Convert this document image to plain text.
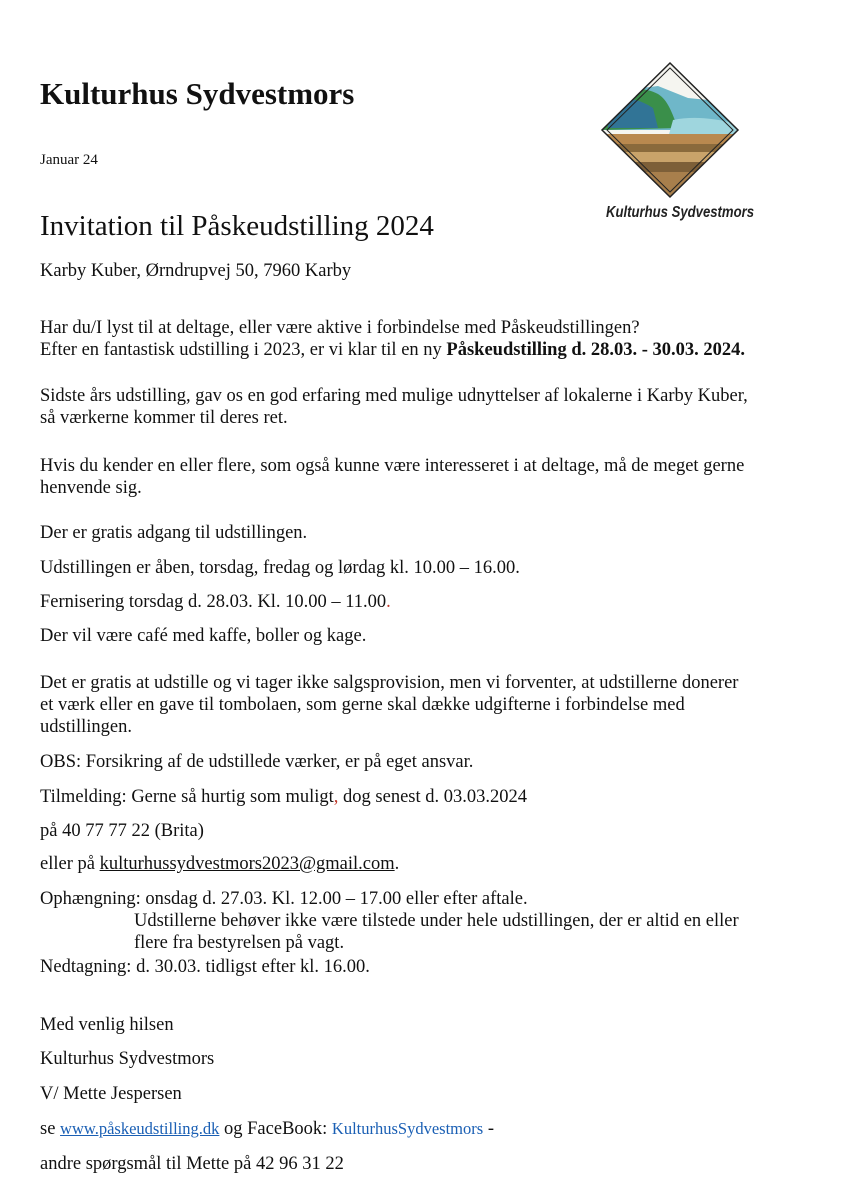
Kulturhus Sydvestmors
Januar 24
Kulturhus Sydvestmors
Invitation til Påskeudstilling 2024
Karby Kuber, Ørndrupvej 50, 7960 Karby
Har du/I lyst til at deltage, eller være aktive i forbindelse med Påskeudstillingen?
Efter en fantastisk udstilling i 2023, er vi klar til en ny Påskeudstilling d. 28.03. - 30.03. 2024.
Sidste års udstilling, gav os en god erfaring med mulige udnyttelser af lokalerne i Karby Kuber,
så værkerne kommer til deres ret.
Hvis du kender en eller flere, som også kunne være interesseret i at deltage, må de meget gerne
henvende sig.
Der er gratis adgang til udstillingen.
Udstillingen er åben, torsdag, fredag og lørdag kl. 10.00 – 16.00.
Fernisering torsdag d. 28.03. Kl. 10.00 – 11.00.
Der vil være café med kaffe, boller og kage.
Det er gratis at udstille og vi tager ikke salgsprovision, men vi forventer, at udstillerne donerer
et værk eller en gave til tombolaen, som gerne skal dække udgifterne i forbindelse med
udstillingen.
OBS: Forsikring af de udstillede værker, er på eget ansvar.
Tilmelding: Gerne så hurtig som muligt, dog senest d. 03.03.2024
på 40 77 77 22 (Brita)
eller på kulturhussydvestmors2023@gmail.com.
Ophængning: onsdag d. 27.03. Kl. 12.00 – 17.00 eller efter aftale.
Udstillerne behøver ikke være tilstede under hele udstillingen, der er altid en eller
flere fra bestyrelsen på vagt.
Nedtagning: d. 30.03. tidligst efter kl. 16.00.
Med venlig hilsen
Kulturhus Sydvestmors
V/ Mette Jespersen
se www.påskeudstilling.dk og FaceBook: KulturhusSydvestmors -
andre spørgsmål til Mette på 42 96 31 22
